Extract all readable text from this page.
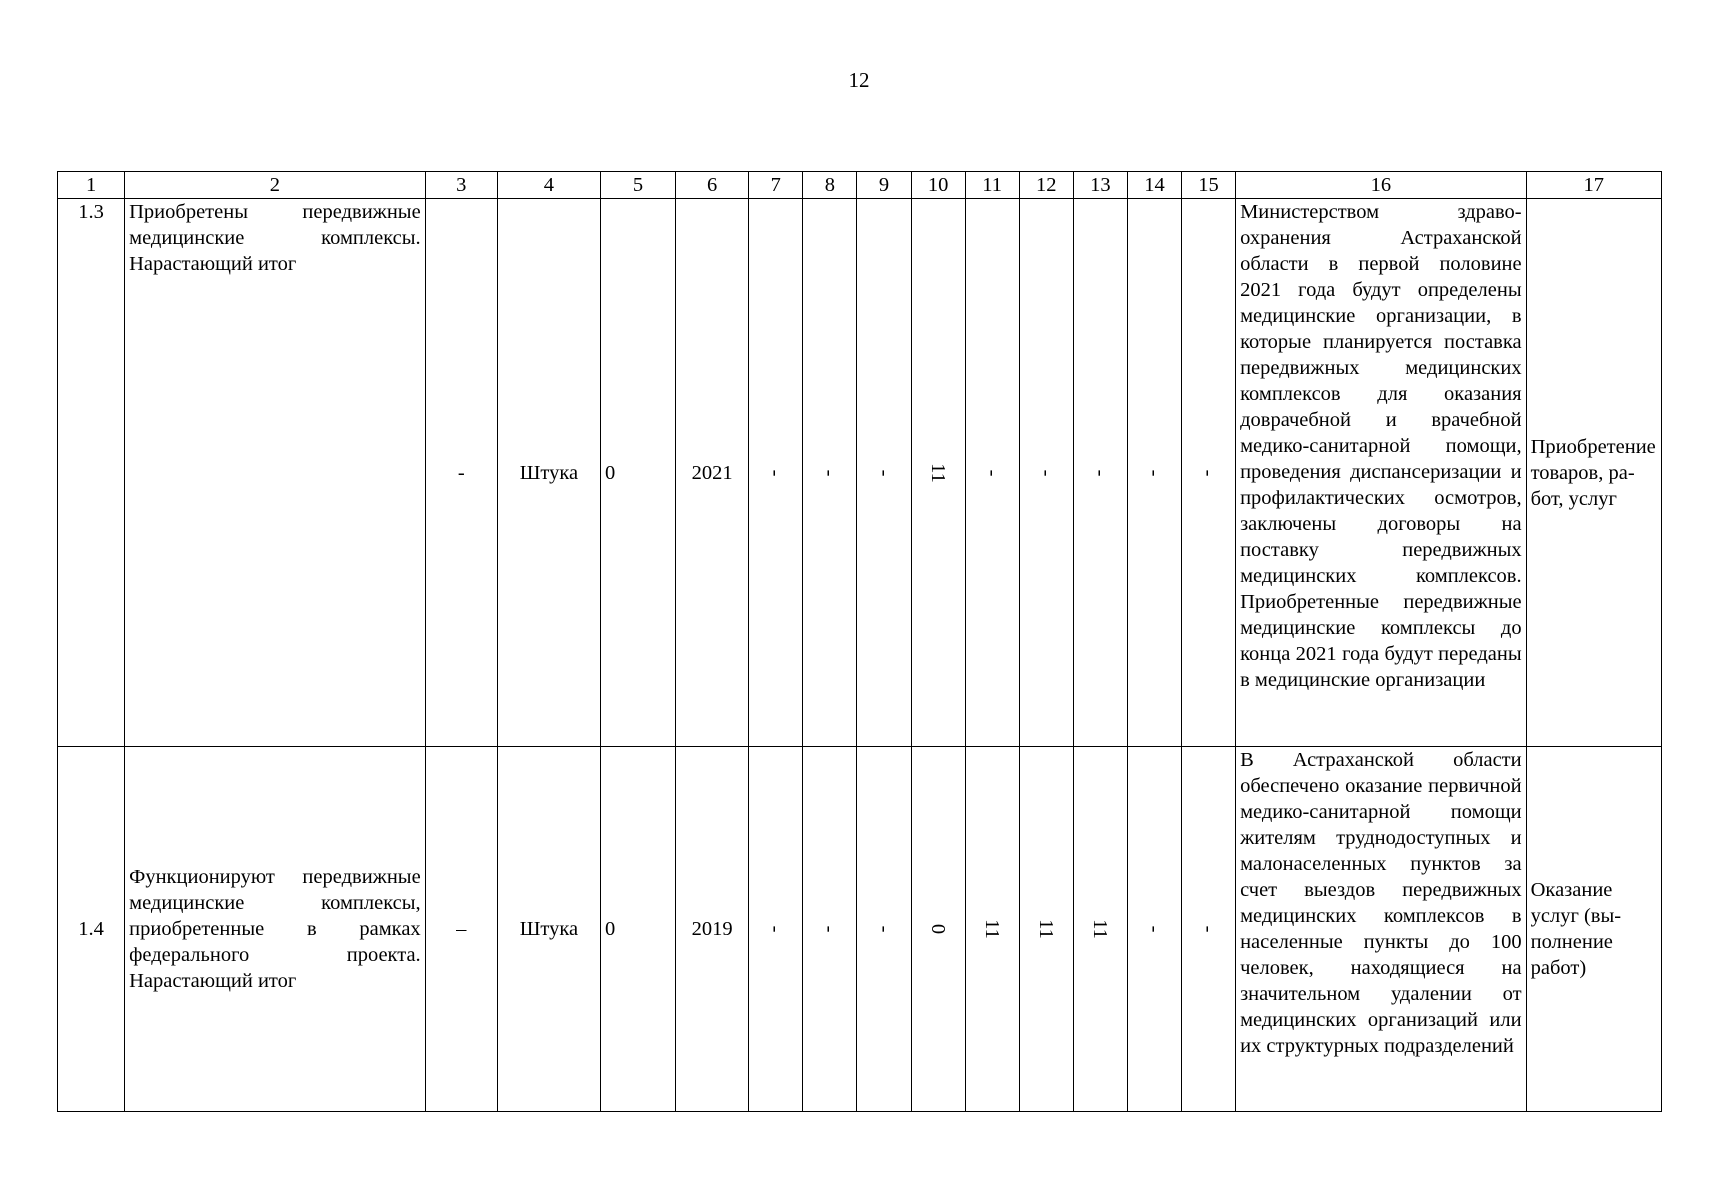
12
1	2	3	4	5	6	7	8	9	10	11	12	13	14	15	16	17
1.3	Приобретены передвижные медицинские комплексы. Нарастающий итог	-	Штука	0	2021	-	-	-	11	-	-	-	-	-	Министерством здравоохранения Астраханской области в первой половине 2021 года будут определены медицинские организации, в которые планируется поставка передвижных медицинских комплексов для оказания доврачебной и врачебной медико-санитарной помощи, проведения диспансеризации и профилактических осмотров, заключены договоры на поставку передвижных медицинских комплексов. Приобретенные передвижные медицинские комплексы до конца 2021 года будут переданы в медицинские организации	Приобретение товаров, работ, услуг
1.4	Функционируют передвижные медицинские комплексы, приобретенные в рамках федерального проекта. Нарастающий итог	–	Штука	0	2019	-	-	-	0	11	11	11	-	-	В Астраханской области обеспечено оказание первичной медико-санитарной помощи жителям труднодоступных и малонаселенных пунктов за счет выездов передвижных медицинских комплексов в населенные пункты до 100 человек, находящиеся на значительном удалении от медицинских организаций или их структурных подразделений	Оказание услуг (выполнение работ)
